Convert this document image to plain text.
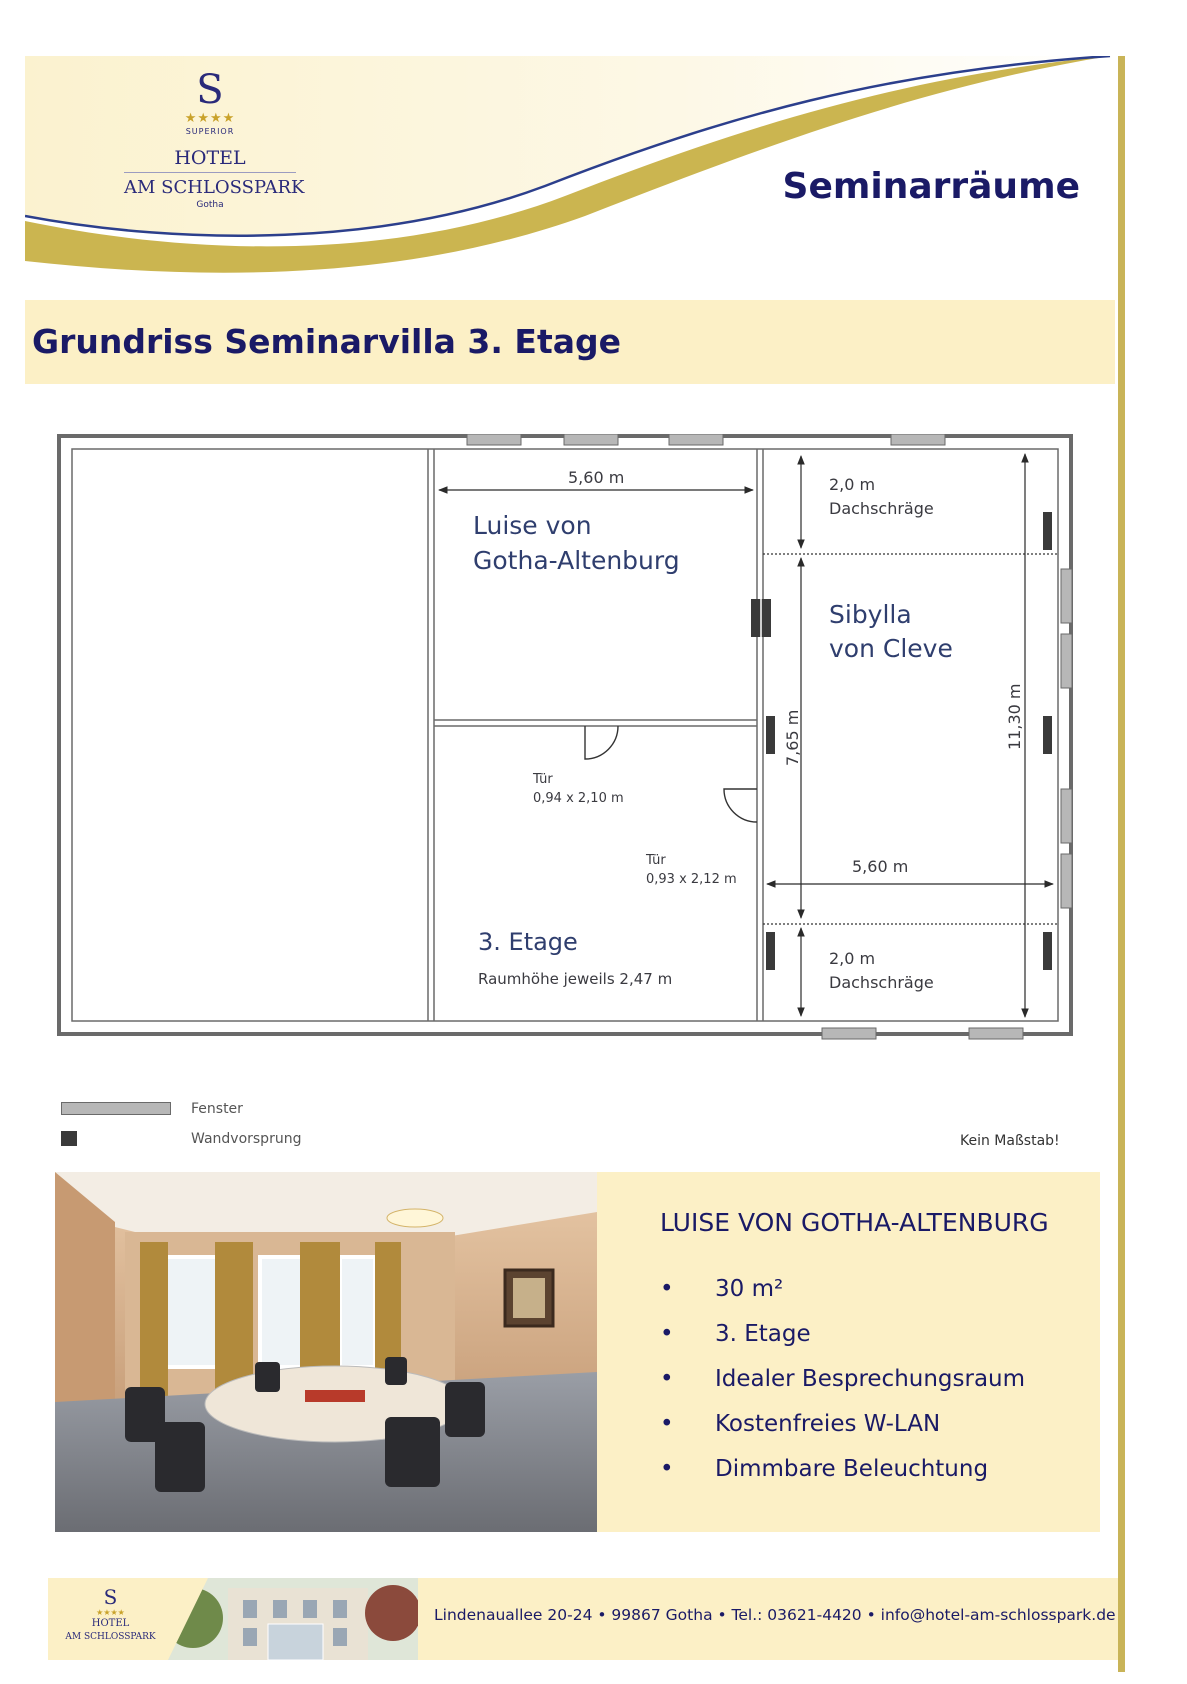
S
★★★★
SUPERIOR
HOTEL
AM SCHLOSSPARK
Gotha	Seminarräume
Grundriss Seminarvilla 3. Etage
5,60 m
Luise von
Gotha-Altenburg
2,0 m
Dachschräge
Sibylla
von Cleve
7,65 m	11,30 m
Tür
0,94 x 2,10 m
Tür
0,93 x 2,12 m
5,60 m
3. Etage
Raumhöhe jeweils 2,47 m
2,0 m
Dachschräge
Fenster
Wandvorsprung	Kein Maßstab!
LUISE VON GOTHA-ALTENBURG
• 30 m²
• 3. Etage
• Idealer Besprechungsraum
• Kostenfreies W-LAN
• Dimmbare Beleuchtung
S
★★★★
HOTEL
AM SCHLOSSPARK
Lindenauallee 20-24 • 99867 Gotha • Tel.: 03621-4420 • info@hotel-am-schlosspark.de
